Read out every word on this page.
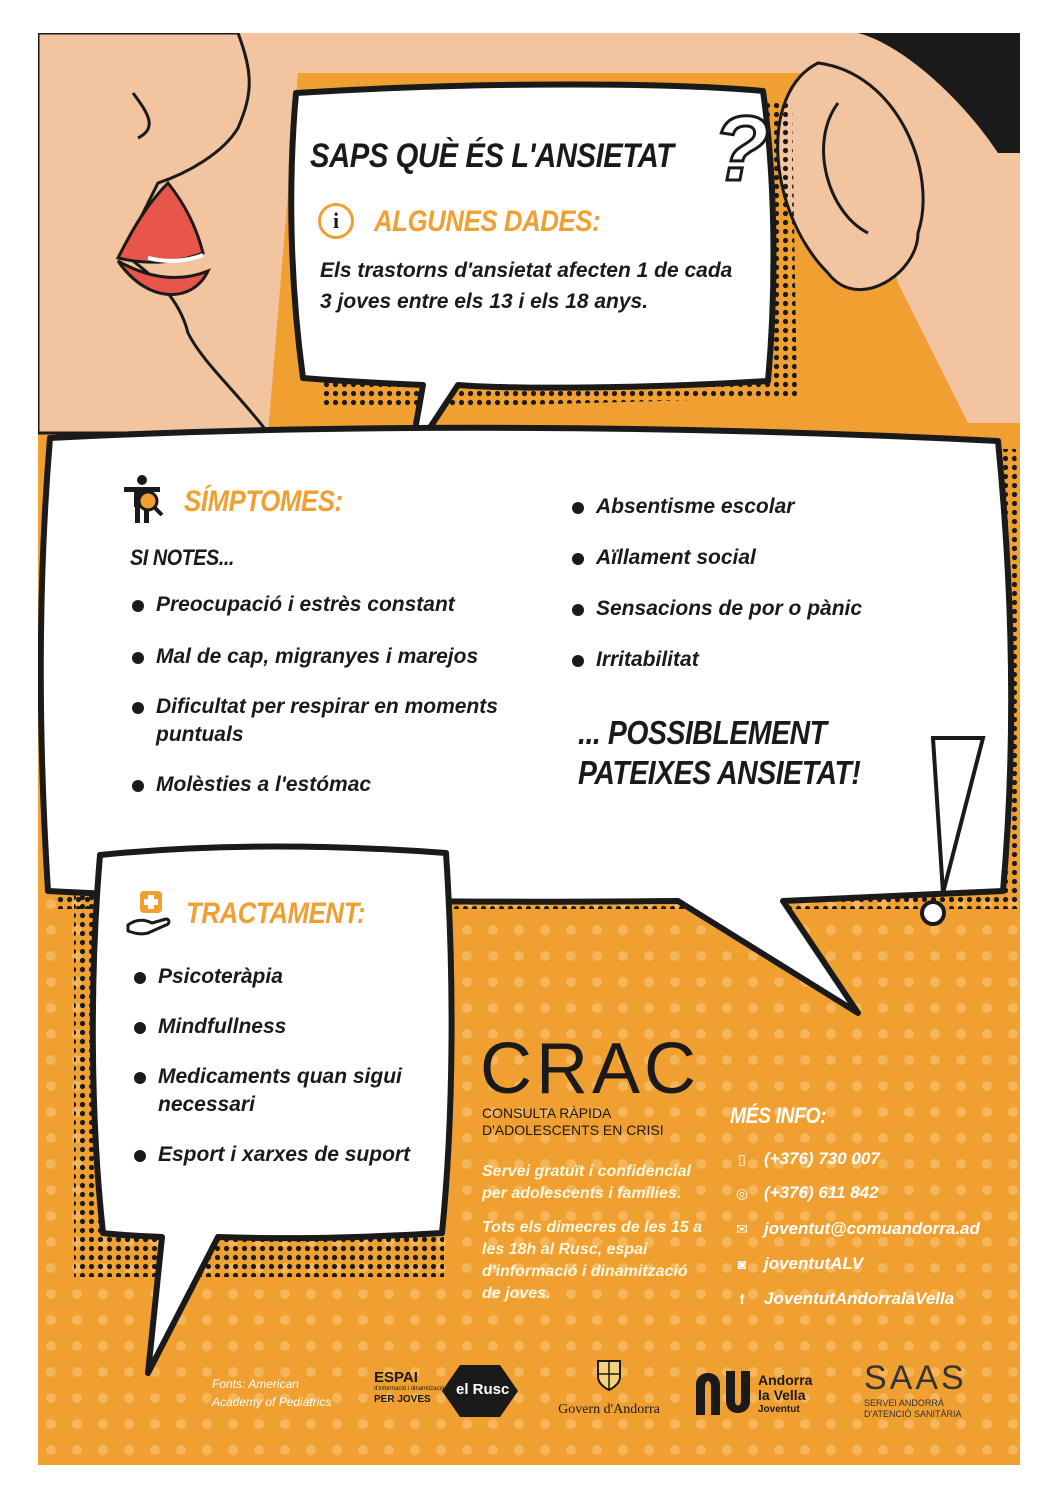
SAPS QUÈ ÉS L'ANSIETAT ?
i	ALGUNES DADES:
Els trastorns d'ansietat afecten 1 de cada 3 joves entre els 13 i els 18 anys.
SÍMPTOMES:
SI NOTES...
Preocupació i estrès constant
Mal de cap, migranyes i marejos
Dificultat per respirar en moments puntuals
Molèsties a l'estómac
Absentisme escolar
Aïllament social
Sensacions de por o pànic
Irritabilitat
... POSSIBLEMENT
PATEIXES ANSIETAT!
TRACTAMENT:
Psicoteràpia
Mindfullness
Medicaments quan sigui necessari
Esport i xarxes de suport
CRAC
CONSULTA RÀPIDA
D'ADOLESCENTS EN CRISI
Servei gratuït i confidencial per adolescents i famílies.
Tots els dimecres de les 15 a les 18h al Rusc, espai d'informació i dinamització de joves.
MÉS INFO:
▯ (+376) 730 007
◎ (+376) 611 842
✉ joventut@comuandorra.ad
◙ joventutALV
f JoventutAndorralaVella
Fonts: American
Academy of Pediatrics
ESPAI
d'informació i dinamització
PER JOVES
el Rusc
Govern d'Andorra
Andorra
la Vella
Joventut
SAAS
SERVEI ANDORRÀ
D'ATENCIÓ SANITÀRIA
